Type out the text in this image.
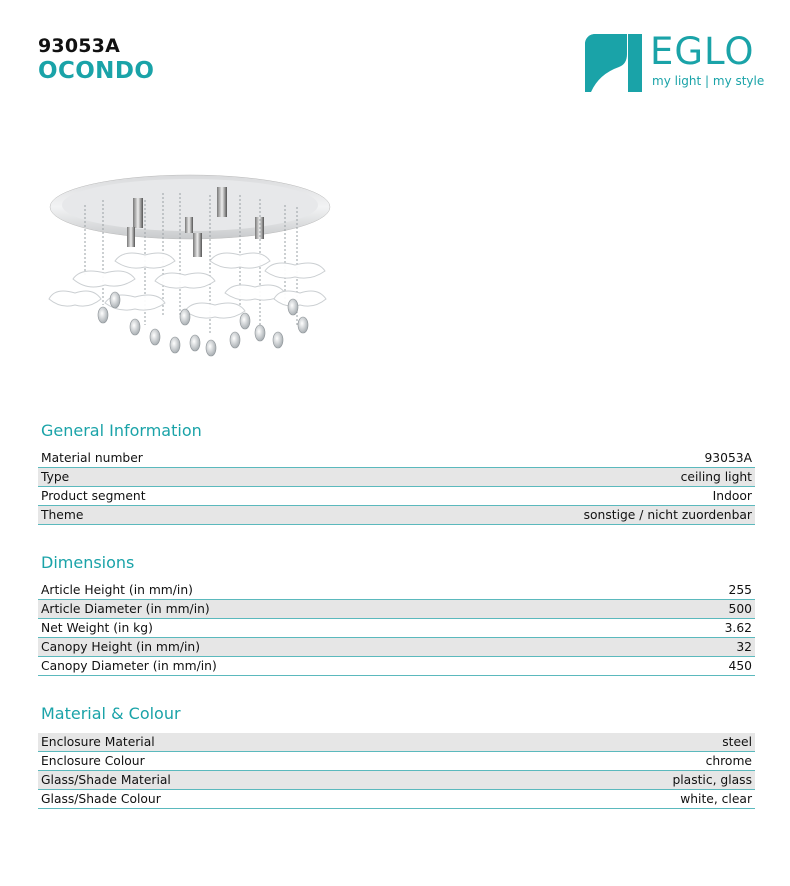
93053A
OCONDO	EGLO
my light | my style
General Information
Material number	93053A
Type	ceiling light
Product segment	Indoor
Theme	sonstige / nicht zuordenbar
Dimensions
Article Height (in mm/in)	255
Article Diameter (in mm/in)	500
Net Weight (in kg)	3.62
Canopy Height (in mm/in)	32
Canopy Diameter (in mm/in)	450
Material & Colour
Enclosure Material	steel
Enclosure Colour	chrome
Glass/Shade Material	plastic, glass
Glass/Shade Colour	white, clear
